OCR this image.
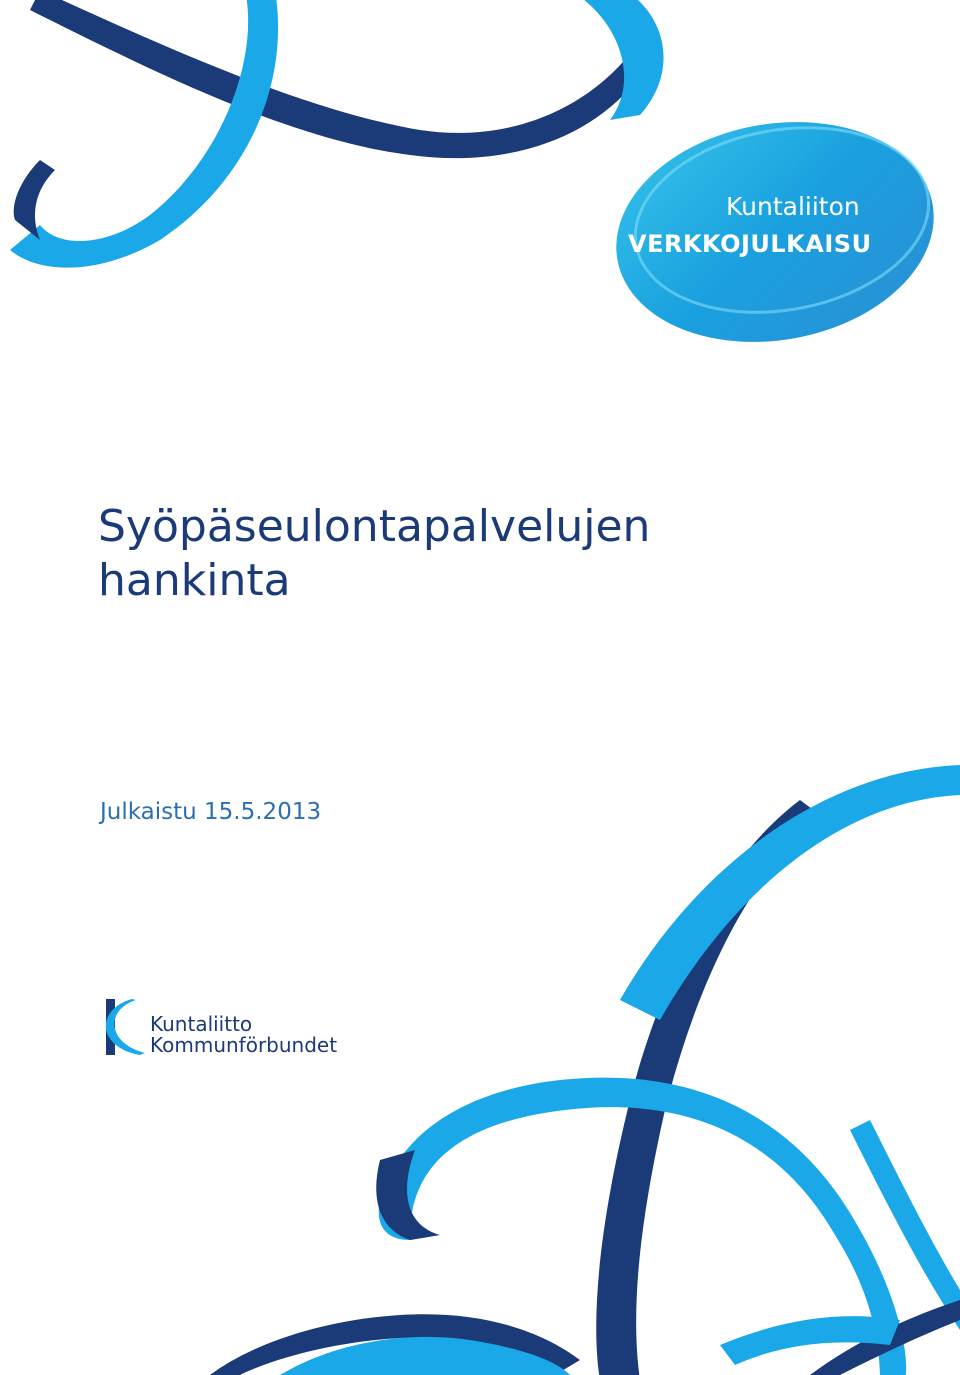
Kuntaliiton
VERKKOJULKAISU
Syöpäseulontapalvelujen
hankinta
Julkaistu 15.5.2013
Kuntaliitto
Kommunförbundet
